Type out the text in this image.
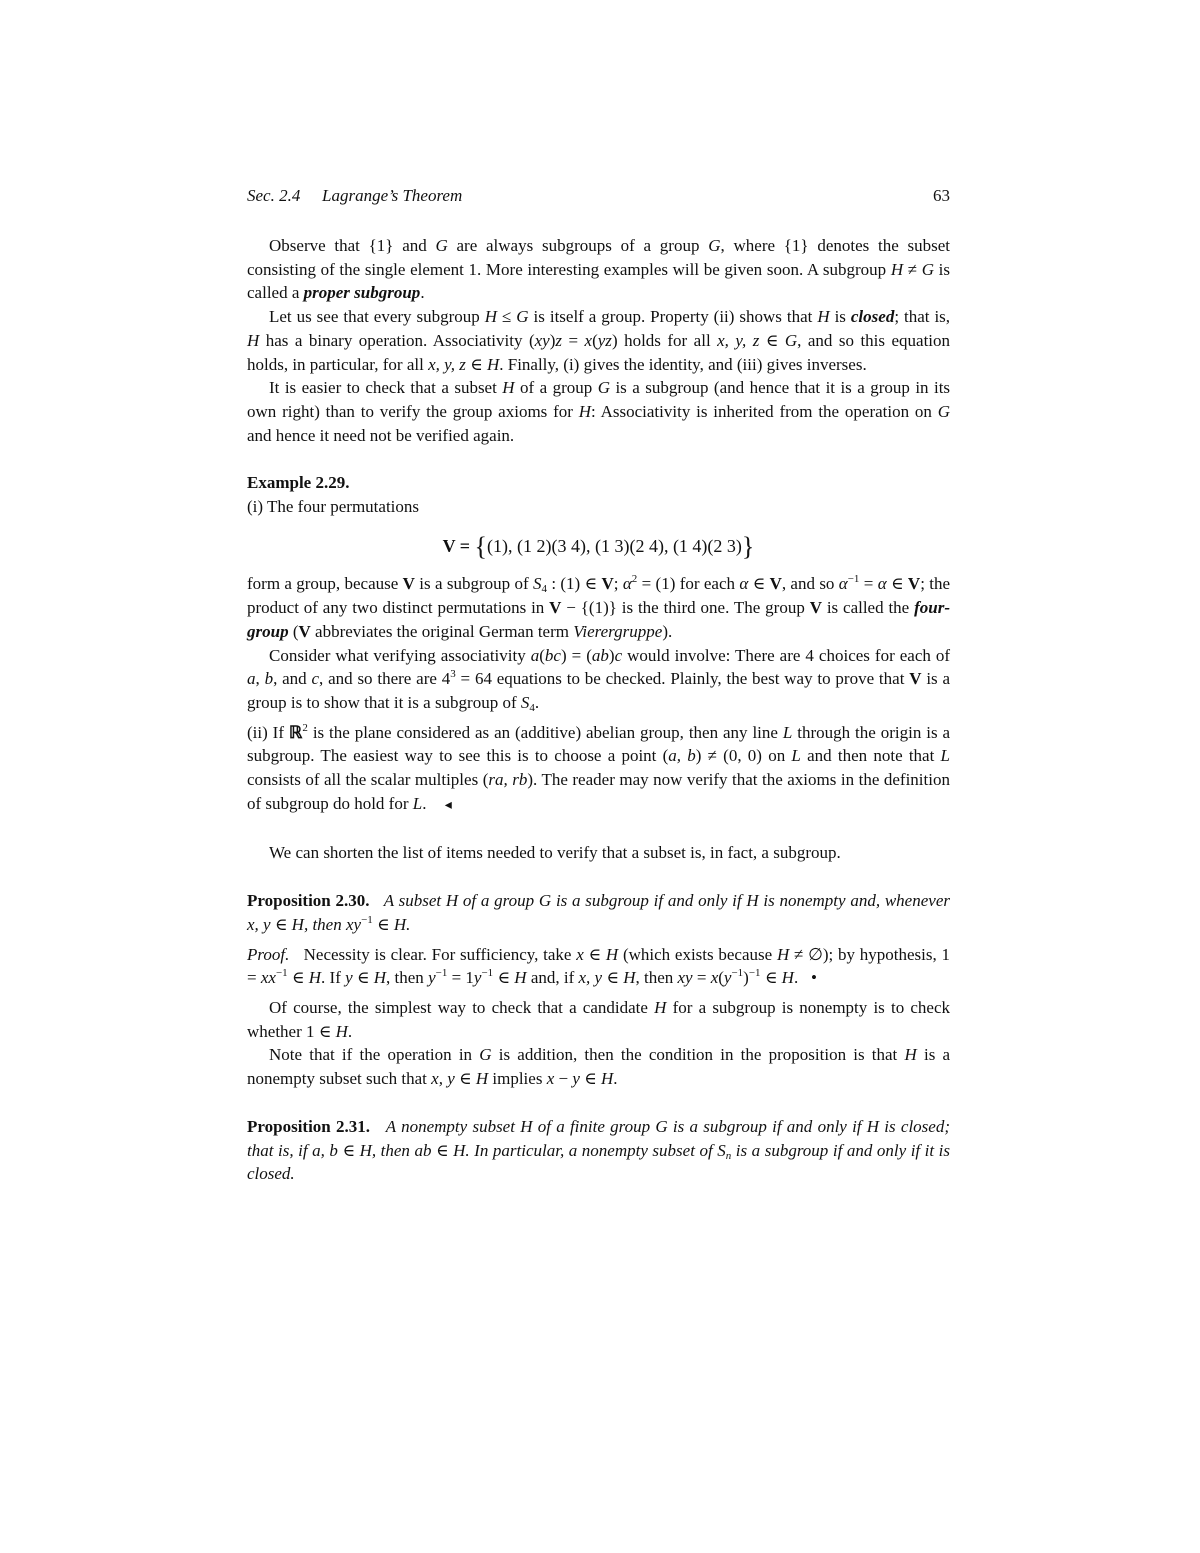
Sec. 2.4 Lagrange’s Theorem	63

Observe that {1} and G are always subgroups of a group G, where {1} denotes the subset consisting of the single element 1. More interesting examples will be given soon. A subgroup H ≠ G is called a proper subgroup.

Let us see that every subgroup H ≤ G is itself a group. Property (ii) shows that H is closed; that is, H has a binary operation. Associativity (xy)z = x(yz) holds for all x, y, z ∈ G, and so this equation holds, in particular, for all x, y, z ∈ H. Finally, (i) gives the identity, and (iii) gives inverses.

It is easier to check that a subset H of a group G is a subgroup (and hence that it is a group in its own right) than to verify the group axioms for H: Associativity is inherited from the operation on G and hence it need not be verified again.

Example 2.29.

(i) The four permutations

V = {(1), (1 2)(3 4), (1 3)(2 4), (1 4)(2 3)}

form a group, because V is a subgroup of $S_4$ : (1) ∈ V; $\alpha^2 = (1)$ for each α ∈ V, and so $\alpha^{-1} = \alpha$ ∈ V; the product of any two distinct permutations in V − {(1)} is the third one. The group V is called the four-group (V abbreviates the original German term Vierergruppe).

Consider what verifying associativity a(bc) = (ab)c would involve: There are 4 choices for each of a, b, and c, and so there are $4^3 = 64$ equations to be checked. Plainly, the best way to prove that V is a group is to show that it is a subgroup of $S_4$.

(ii) If ℝ$^2$ is the plane considered as an (additive) abelian group, then any line L through the origin is a subgroup. The easiest way to see this is to choose a point (a, b) ≠ (0, 0) on L and then note that L consists of all the scalar multiples (ra, rb). The reader may now verify that the axioms in the definition of subgroup do hold for L. ◂

We can shorten the list of items needed to verify that a subset is, in fact, a subgroup.

Proposition 2.30. A subset H of a group G is a subgroup if and only if H is nonempty and, whenever x, y ∈ H, then $xy^{-1}$ ∈ H.

Proof. Necessity is clear. For sufficiency, take x ∈ H (which exists because H ≠ ∅); by hypothesis, $1 = xx^{-1}$ ∈ H. If y ∈ H, then $y^{-1} = 1y^{-1}$ ∈ H and, if x, y ∈ H, then xy = $x(y^{-1})^{-1}$ ∈ H.   •

Of course, the simplest way to check that a candidate H for a subgroup is nonempty is to check whether 1 ∈ H.

Note that if the operation in G is addition, then the condition in the proposition is that H is a nonempty subset such that x, y ∈ H implies x − y ∈ H.

Proposition 2.31. A nonempty subset H of a finite group G is a subgroup if and only if H is closed; that is, if a, b ∈ H, then ab ∈ H. In particular, a nonempty subset of $S_n$ is a subgroup if and only if it is closed.
